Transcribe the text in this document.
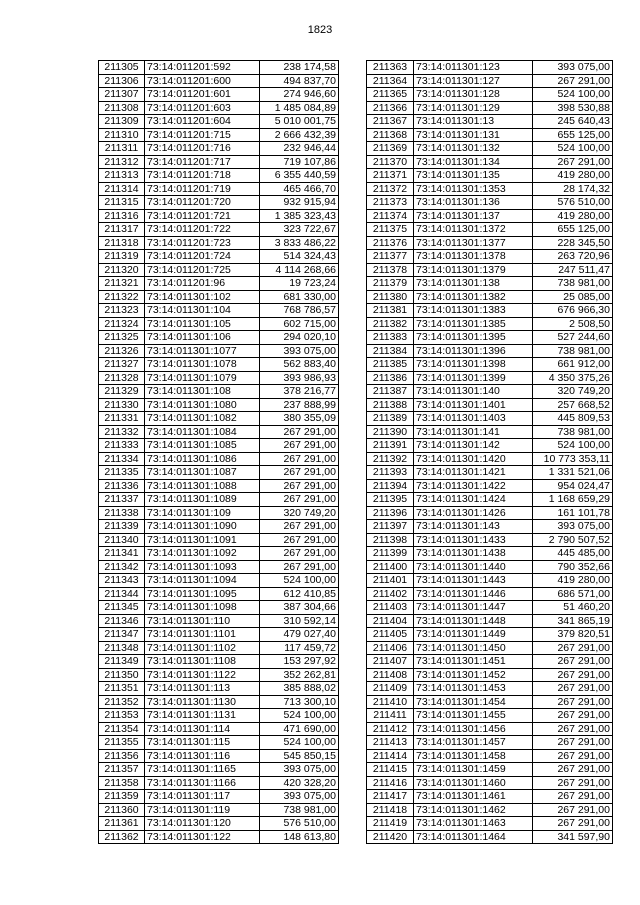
1823
211305	73:14:011201:592	238 174,58
211306	73:14:011201:600	494 837,70
211307	73:14:011201:601	274 946,60
211308	73:14:011201:603	1 485 084,89
211309	73:14:011201:604	5 010 001,75
211310	73:14:011201:715	2 666 432,39
211311	73:14:011201:716	232 946,44
211312	73:14:011201:717	719 107,86
211313	73:14:011201:718	6 355 440,59
211314	73:14:011201:719	465 466,70
211315	73:14:011201:720	932 915,94
211316	73:14:011201:721	1 385 323,43
211317	73:14:011201:722	323 722,67
211318	73:14:011201:723	3 833 486,22
211319	73:14:011201:724	514 324,43
211320	73:14:011201:725	4 114 268,66
211321	73:14:011201:96	19 723,24
211322	73:14:011301:102	681 330,00
211323	73:14:011301:104	768 786,57
211324	73:14:011301:105	602 715,00
211325	73:14:011301:106	294 020,10
211326	73:14:011301:1077	393 075,00
211327	73:14:011301:1078	562 883,40
211328	73:14:011301:1079	393 986,93
211329	73:14:011301:108	378 216,77
211330	73:14:011301:1080	237 888,99
211331	73:14:011301:1082	380 355,09
211332	73:14:011301:1084	267 291,00
211333	73:14:011301:1085	267 291,00
211334	73:14:011301:1086	267 291,00
211335	73:14:011301:1087	267 291,00
211336	73:14:011301:1088	267 291,00
211337	73:14:011301:1089	267 291,00
211338	73:14:011301:109	320 749,20
211339	73:14:011301:1090	267 291,00
211340	73:14:011301:1091	267 291,00
211341	73:14:011301:1092	267 291,00
211342	73:14:011301:1093	267 291,00
211343	73:14:011301:1094	524 100,00
211344	73:14:011301:1095	612 410,85
211345	73:14:011301:1098	387 304,66
211346	73:14:011301:110	310 592,14
211347	73:14:011301:1101	479 027,40
211348	73:14:011301:1102	117 459,72
211349	73:14:011301:1108	153 297,92
211350	73:14:011301:1122	352 262,81
211351	73:14:011301:113	385 888,02
211352	73:14:011301:1130	713 300,10
211353	73:14:011301:1131	524 100,00
211354	73:14:011301:114	471 690,00
211355	73:14:011301:115	524 100,00
211356	73:14:011301:116	545 850,15
211357	73:14:011301:1165	393 075,00
211358	73:14:011301:1166	420 328,20
211359	73:14:011301:117	393 075,00
211360	73:14:011301:119	738 981,00
211361	73:14:011301:120	576 510,00
211362	73:14:011301:122	148 613,80
211363	73:14:011301:123	393 075,00
211364	73:14:011301:127	267 291,00
211365	73:14:011301:128	524 100,00
211366	73:14:011301:129	398 530,88
211367	73:14:011301:13	245 640,43
211368	73:14:011301:131	655 125,00
211369	73:14:011301:132	524 100,00
211370	73:14:011301:134	267 291,00
211371	73:14:011301:135	419 280,00
211372	73:14:011301:1353	28 174,32
211373	73:14:011301:136	576 510,00
211374	73:14:011301:137	419 280,00
211375	73:14:011301:1372	655 125,00
211376	73:14:011301:1377	228 345,50
211377	73:14:011301:1378	263 720,96
211378	73:14:011301:1379	247 511,47
211379	73:14:011301:138	738 981,00
211380	73:14:011301:1382	25 085,00
211381	73:14:011301:1383	676 966,30
211382	73:14:011301:1385	2 508,50
211383	73:14:011301:1395	527 244,60
211384	73:14:011301:1396	738 981,00
211385	73:14:011301:1398	661 912,00
211386	73:14:011301:1399	4 350 375,26
211387	73:14:011301:140	320 749,20
211388	73:14:011301:1401	257 668,52
211389	73:14:011301:1403	445 809,53
211390	73:14:011301:141	738 981,00
211391	73:14:011301:142	524 100,00
211392	73:14:011301:1420	10 773 353,11
211393	73:14:011301:1421	1 331 521,06
211394	73:14:011301:1422	954 024,47
211395	73:14:011301:1424	1 168 659,29
211396	73:14:011301:1426	161 101,78
211397	73:14:011301:143	393 075,00
211398	73:14:011301:1433	2 790 507,52
211399	73:14:011301:1438	445 485,00
211400	73:14:011301:1440	790 352,66
211401	73:14:011301:1443	419 280,00
211402	73:14:011301:1446	686 571,00
211403	73:14:011301:1447	51 460,20
211404	73:14:011301:1448	341 865,19
211405	73:14:011301:1449	379 820,51
211406	73:14:011301:1450	267 291,00
211407	73:14:011301:1451	267 291,00
211408	73:14:011301:1452	267 291,00
211409	73:14:011301:1453	267 291,00
211410	73:14:011301:1454	267 291,00
211411	73:14:011301:1455	267 291,00
211412	73:14:011301:1456	267 291,00
211413	73:14:011301:1457	267 291,00
211414	73:14:011301:1458	267 291,00
211415	73:14:011301:1459	267 291,00
211416	73:14:011301:1460	267 291,00
211417	73:14:011301:1461	267 291,00
211418	73:14:011301:1462	267 291,00
211419	73:14:011301:1463	267 291,00
211420	73:14:011301:1464	341 597,90
